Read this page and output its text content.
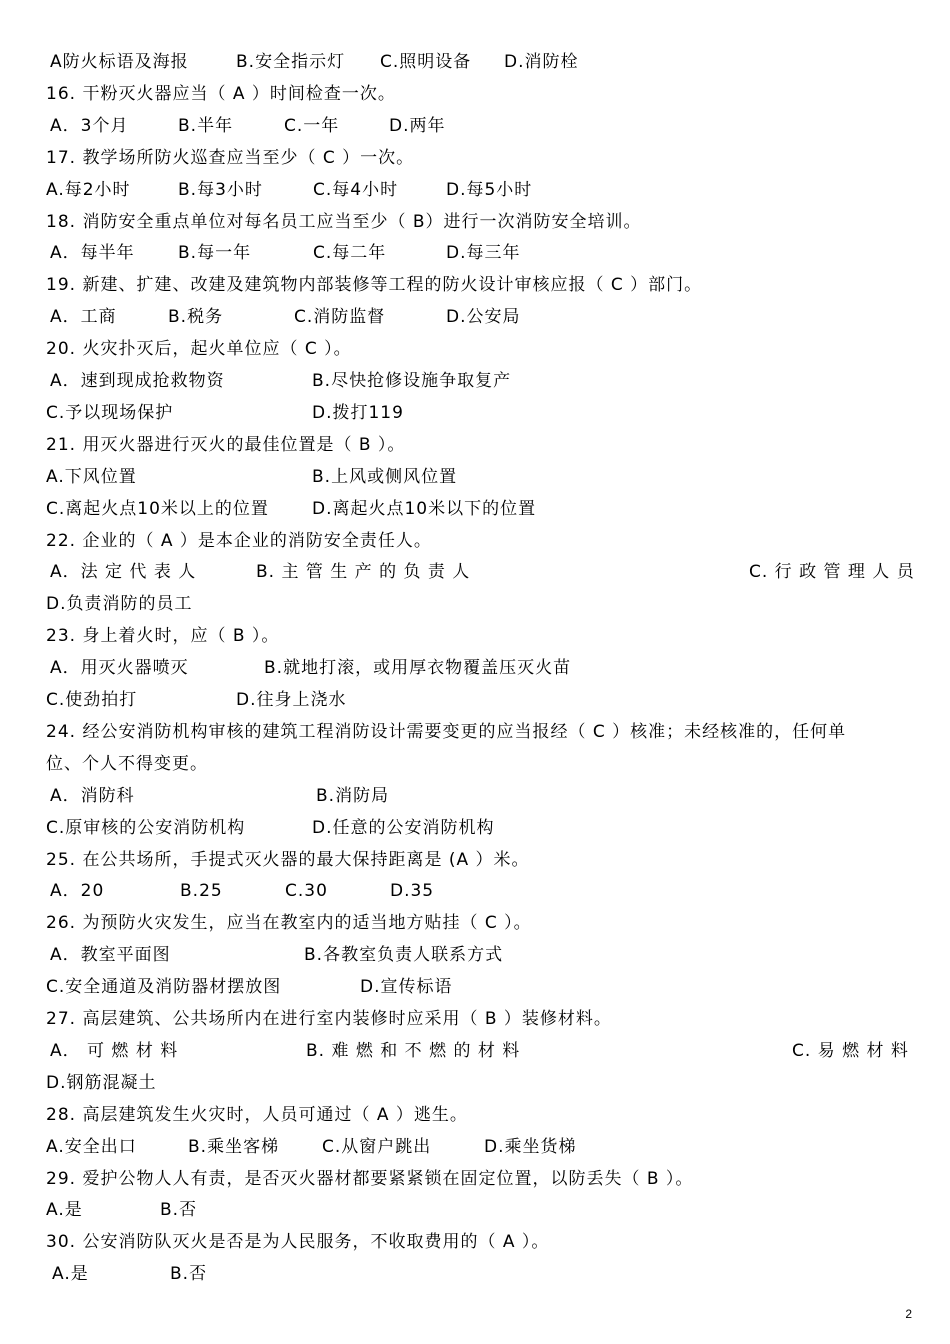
A防火标语及海报	B.安全指示灯 C.照明设备 D.消防栓
16. 干粉灭火器应当（ A ）时间检查一次。
A．3个月	B.半年	C.一年	D.两年
17. 教学场所防火巡查应当至少（ C ）一次。
A.每2小时	B.每3小时	C.每4小时	D.每5小时
18. 消防安全重点单位对每名员工应当至少（ B）进行一次消防安全培训。
A．每半年	B.每一年	C.每二年	D.每三年
19. 新建、扩建、改建及建筑物内部装修等工程的防火设计审核应报（ C ）部门。
A．工商	B.税务	C.消防监督	D.公安局
20. 火灾扑灭后，起火单位应（ C ）。
A．速到现成抢救物资	B.尽快抢修设施争取复产
C.予以现场保护	D.拨打119
21. 用灭火器进行灭火的最佳位置是（ B ）。
A.下风位置	B.上风或侧风位置
C.离起火点10米以上的位置	D.离起火点10米以下的位置
22. 企业的（ A ）是本企业的消防安全责任人。
A．法 定 代 表 人	B. 主 管 生 产 的 负 责 人	C. 行 政 管 理 人 员
D.负责消防的员工
23. 身上着火时，应（ B ）。
A．用灭火器喷灭	B.就地打滚，或用厚衣物覆盖压灭火苗
C.使劲拍打	D.往身上浇水
24. 经公安消防机构审核的建筑工程消防设计需要变更的应当报经（ C ）核准；未经核准的，任何单
位、个人不得变更。
A．消防科	B.消防局
C.原审核的公安消防机构	D.任意的公安消防机构
25. 在公共场所，手提式灭火器的最大保持距离是 (A ）米。
A．20	B.25	C.30	D.35
26. 为预防火灾发生，应当在教室内的适当地方贴挂（ C ）。
A．教室平面图	B.各教室负责人联系方式
C.安全通道及消防器材摆放图	D.宣传标语
27. 高层建筑、公共场所内在进行室内装修时应采用（ B ）装修材料。
A． 可 燃 材 料	B. 难 燃 和 不 燃 的 材 料	C. 易 燃 材 料
D.钢筋混凝土
28. 高层建筑发生火灾时，人员可通过（ A ）逃生。
A.安全出口	B.乘坐客梯	C.从窗户跳出	D.乘坐货梯
29. 爱护公物人人有责，是否灭火器材都要紧紧锁在固定位置，以防丢失（ B ）。
A.是	B.否
30. 公安消防队灭火是否是为人民服务，不收取费用的（ A ）。
A.是	B.否
2
